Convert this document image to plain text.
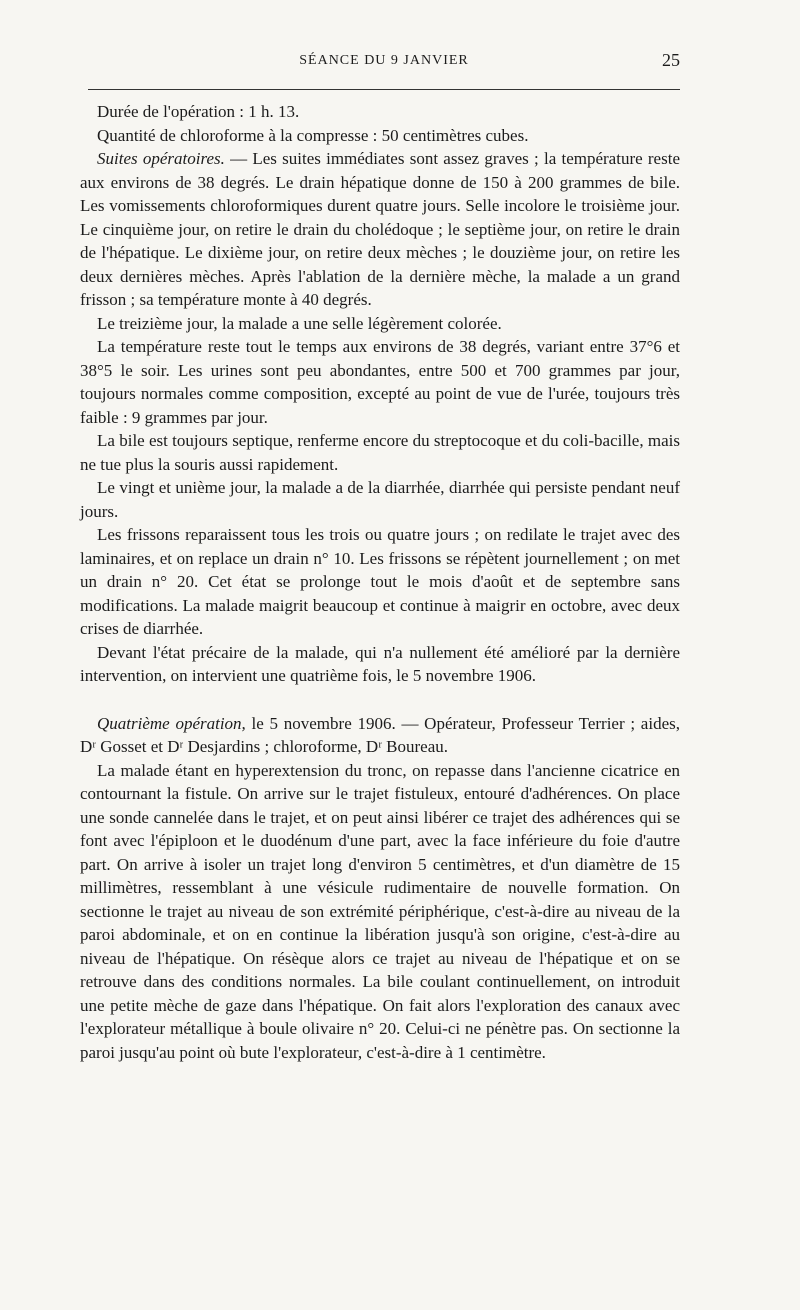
SÉANCE DU 9 JANVIER	25

Durée de l'opération : 1 h. 13.

Quantité de chloroforme à la compresse : 50 centimètres cubes.

Suites opératoires. — Les suites immédiates sont assez graves ; la température reste aux environs de 38 degrés. Le drain hépatique donne de 150 à 200 grammes de bile. Les vomissements chloroformiques durent quatre jours. Selle incolore le troisième jour. Le cinquième jour, on retire le drain du cholédoque ; le septième jour, on retire le drain de l'hépatique. Le dixième jour, on retire deux mèches ; le douzième jour, on retire les deux dernières mèches. Après l'ablation de la dernière mèche, la malade a un grand frisson ; sa température monte à 40 degrés.

Le treizième jour, la malade a une selle légèrement colorée.

La température reste tout le temps aux environs de 38 degrés, variant entre 37°6 et 38°5 le soir. Les urines sont peu abondantes, entre 500 et 700 grammes par jour, toujours normales comme composition, excepté au point de vue de l'urée, toujours très faible : 9 grammes par jour.

La bile est toujours septique, renferme encore du streptocoque et du coli-bacille, mais ne tue plus la souris aussi rapidement.

Le vingt et unième jour, la malade a de la diarrhée, diarrhée qui persiste pendant neuf jours.

Les frissons reparaissent tous les trois ou quatre jours ; on redilate le trajet avec des laminaires, et on replace un drain n° 10. Les frissons se répètent journellement ; on met un drain n° 20. Cet état se prolonge tout le mois d'août et de septembre sans modifications. La malade maigrit beaucoup et continue à maigrir en octobre, avec deux crises de diarrhée.

Devant l'état précaire de la malade, qui n'a nullement été amélioré par la dernière intervention, on intervient une quatrième fois, le 5 novembre 1906.

Quatrième opération, le 5 novembre 1906. — Opérateur, Professeur Terrier ; aides, Dʳ Gosset et Dʳ Desjardins ; chloroforme, Dʳ Boureau.

La malade étant en hyperextension du tronc, on repasse dans l'ancienne cicatrice en contournant la fistule. On arrive sur le trajet fistuleux, entouré d'adhérences. On place une sonde cannelée dans le trajet, et on peut ainsi libérer ce trajet des adhérences qui se font avec l'épiploon et le duodénum d'une part, avec la face inférieure du foie d'autre part. On arrive à isoler un trajet long d'environ 5 centimètres, et d'un diamètre de 15 millimètres, ressemblant à une vésicule rudimentaire de nouvelle formation. On sectionne le trajet au niveau de son extrémité périphérique, c'est-à-dire au niveau de la paroi abdominale, et on en continue la libération jusqu'à son origine, c'est-à-dire au niveau de l'hépatique. On résèque alors ce trajet au niveau de l'hépatique et on se retrouve dans des conditions normales. La bile coulant continuellement, on introduit une petite mèche de gaze dans l'hépatique. On fait alors l'exploration des canaux avec l'explorateur métallique à boule olivaire n° 20. Celui-ci ne pénètre pas. On sectionne la paroi jusqu'au point où bute l'explorateur, c'est-à-dire à 1 centimètre.
